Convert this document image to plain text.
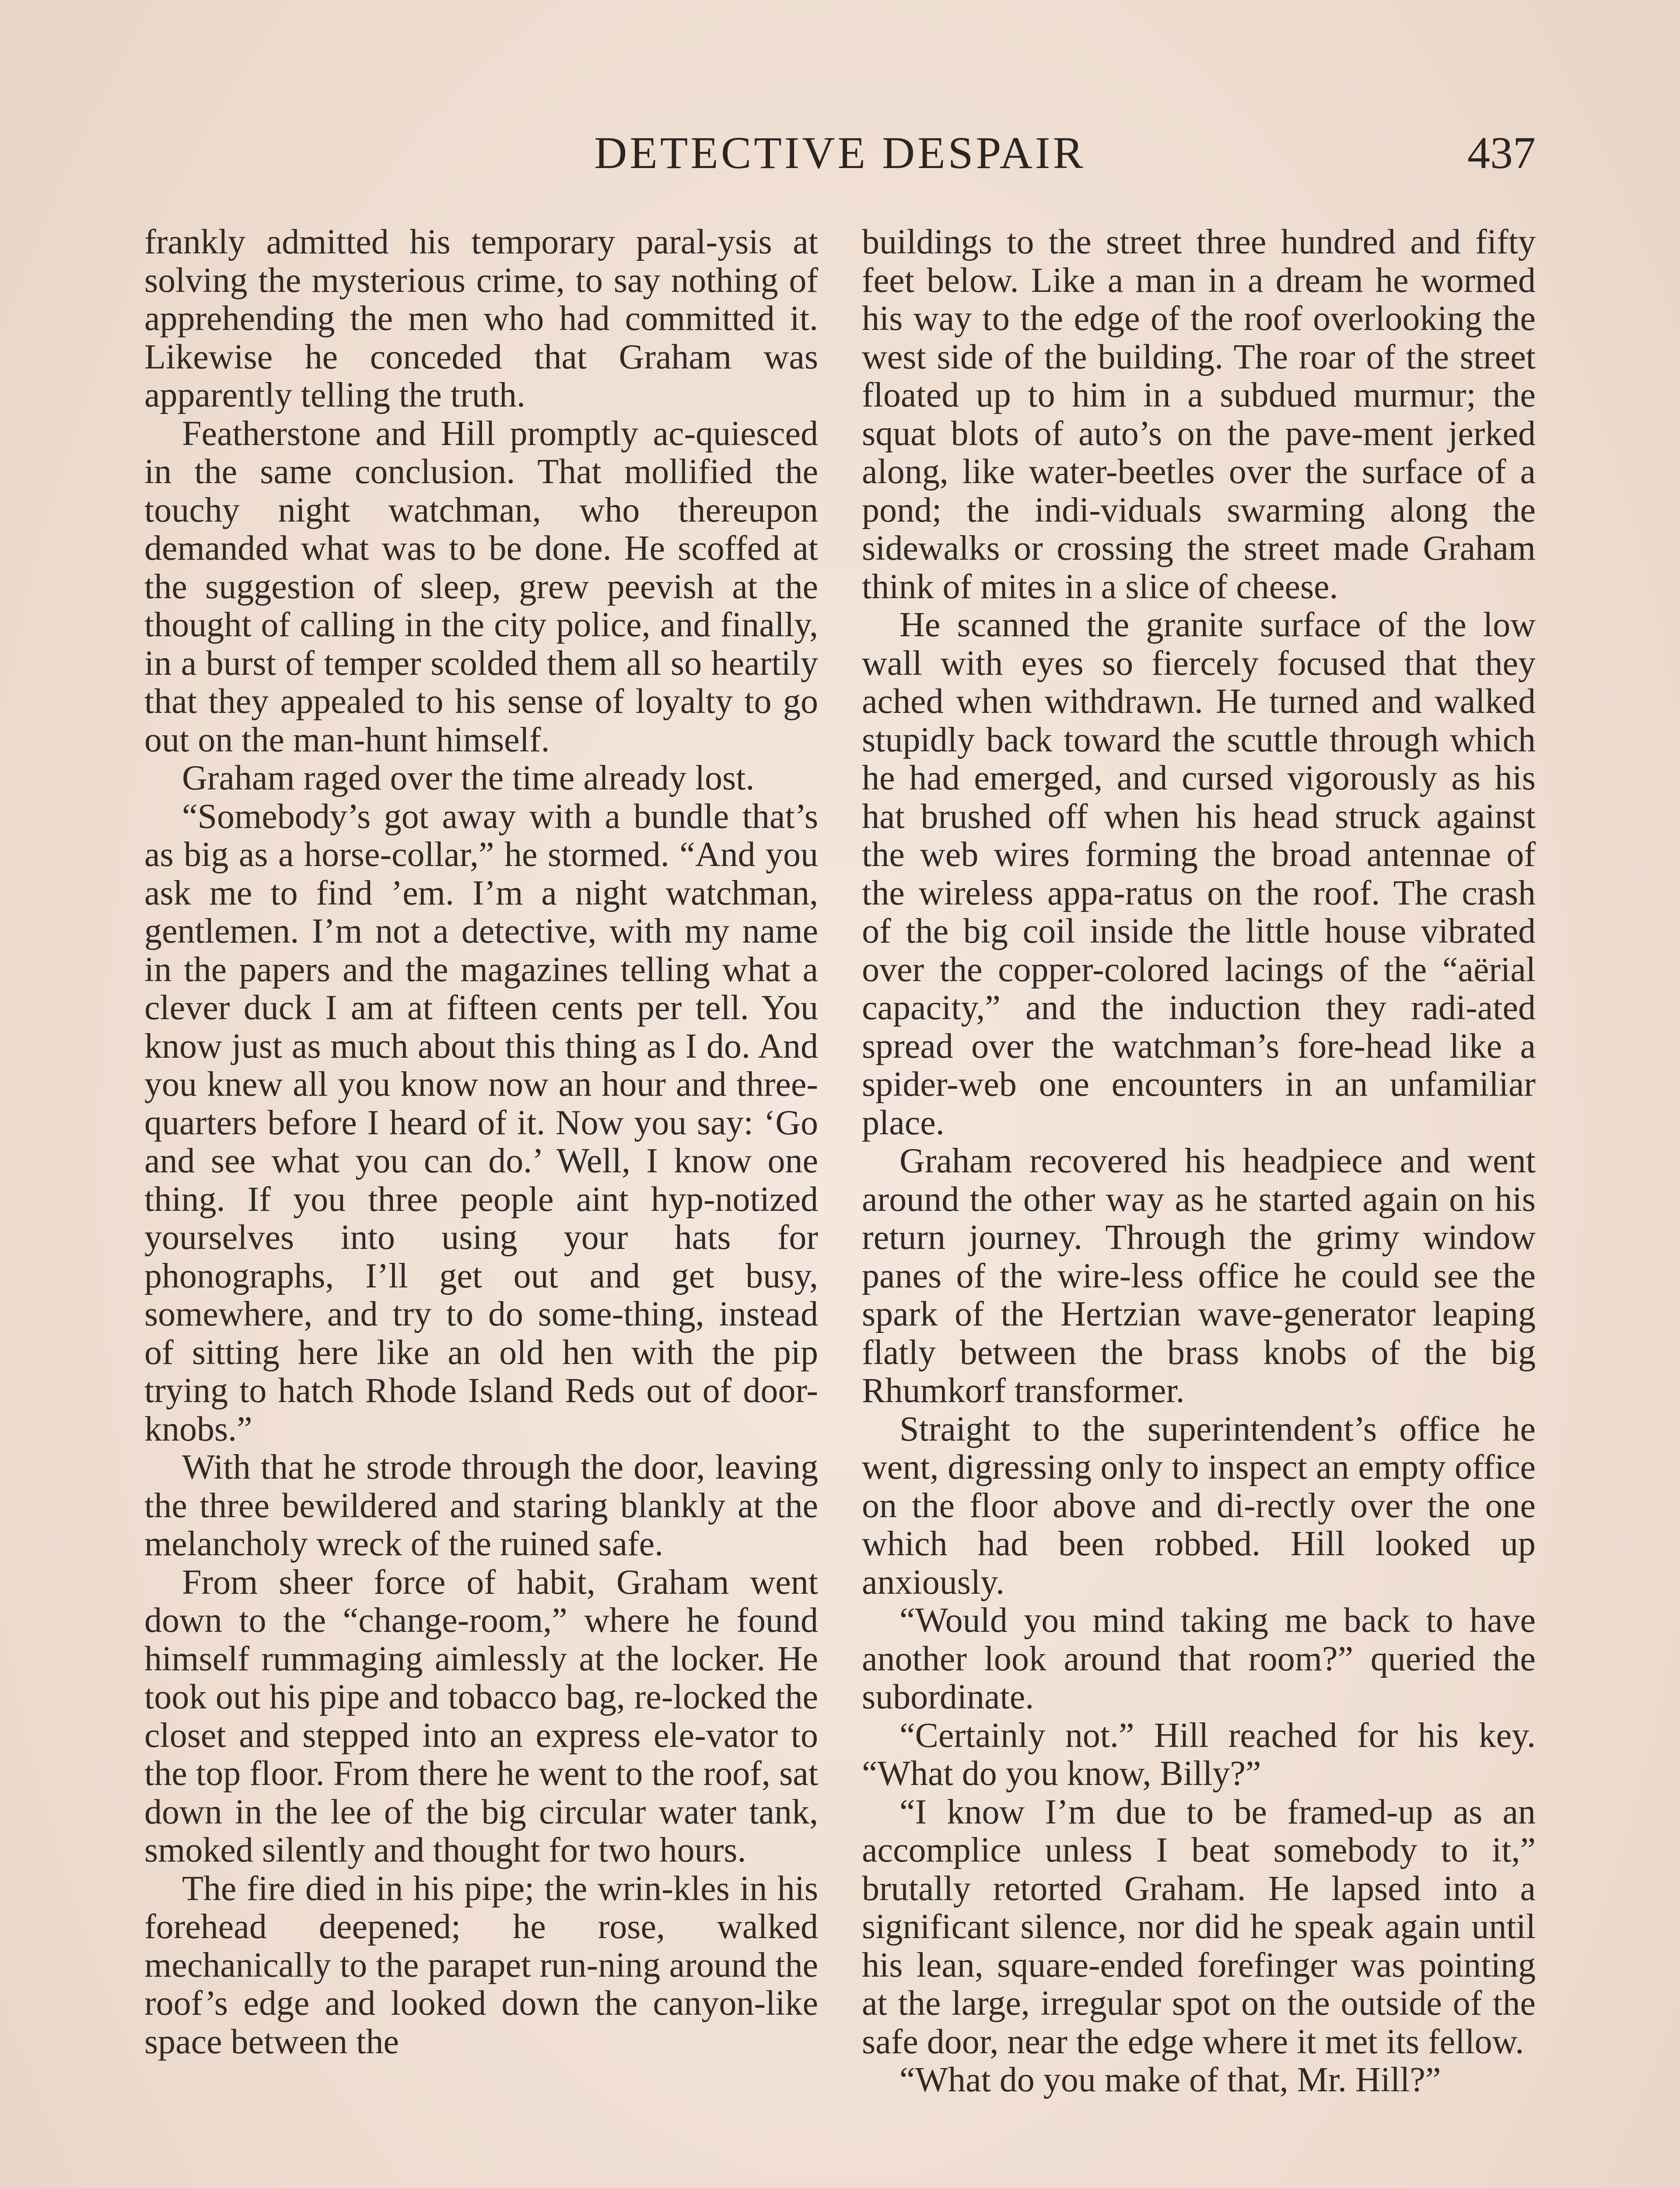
DETECTIVE DESPAIR	437

frankly admitted his temporary paral-ysis at solving the mysterious crime, to say nothing of apprehending the men who had committed it. Likewise he conceded that Graham was apparently telling the truth.

Featherstone and Hill promptly ac-quiesced in the same conclusion. That mollified the touchy night watchman, who thereupon demanded what was to be done. He scoffed at the suggestion of sleep, grew peevish at the thought of calling in the city police, and finally, in a burst of temper scolded them all so heartily that they appealed to his sense of loyalty to go out on the man-hunt himself.

Graham raged over the time already lost.

“Somebody’s got away with a bundle that’s as big as a horse-collar,” he stormed. “And you ask me to find ’em. I’m a night watchman, gentlemen. I’m not a detective, with my name in the papers and the magazines telling what a clever duck I am at fifteen cents per tell. You know just as much about this thing as I do. And you knew all you know now an hour and three-quarters before I heard of it. Now you say: ‘Go and see what you can do.’ Well, I know one thing. If you three people aint hyp-notized yourselves into using your hats for phonographs, I’ll get out and get busy, somewhere, and try to do some-thing, instead of sitting here like an old hen with the pip trying to hatch Rhode Island Reds out of door-knobs.”

With that he strode through the door, leaving the three bewildered and staring blankly at the melancholy wreck of the ruined safe.

From sheer force of habit, Graham went down to the “change-room,” where he found himself rummaging aimlessly at the locker. He took out his pipe and tobacco bag, re-locked the closet and stepped into an express ele-vator to the top floor. From there he went to the roof, sat down in the lee of the big circular water tank, smoked silently and thought for two hours.

The fire died in his pipe; the wrin-kles in his forehead deepened; he rose, walked mechanically to the parapet run-ning around the roof’s edge and looked down the canyon-like space between the

buildings to the street three hundred and fifty feet below. Like a man in a dream he wormed his way to the edge of the roof overlooking the west side of the building. The roar of the street floated up to him in a subdued murmur; the squat blots of auto’s on the pave-ment jerked along, like water-beetles over the surface of a pond; the indi-viduals swarming along the sidewalks or crossing the street made Graham think of mites in a slice of cheese.

He scanned the granite surface of the low wall with eyes so fiercely focused that they ached when withdrawn. He turned and walked stupidly back toward the scuttle through which he had emerged, and cursed vigorously as his hat brushed off when his head struck against the web wires forming the broad antennae of the wireless appa-ratus on the roof. The crash of the big coil inside the little house vibrated over the copper-colored lacings of the “aërial capacity,” and the induction they radi-ated spread over the watchman’s fore-head like a spider-web one encounters in an unfamiliar place.

Graham recovered his headpiece and went around the other way as he started again on his return journey. Through the grimy window panes of the wire-less office he could see the spark of the Hertzian wave-generator leaping flatly between the brass knobs of the big Rhumkorf transformer.

Straight to the superintendent’s office he went, digressing only to inspect an empty office on the floor above and di-rectly over the one which had been robbed. Hill looked up anxiously.

“Would you mind taking me back to have another look around that room?” queried the subordinate.

“Certainly not.” Hill reached for his key. “What do you know, Billy?”

“I know I’m due to be framed-up as an accomplice unless I beat somebody to it,” brutally retorted Graham. He lapsed into a significant silence, nor did he speak again until his lean, square-ended forefinger was pointing at the large, irregular spot on the outside of the safe door, near the edge where it met its fellow.

“What do you make of that, Mr. Hill?”
